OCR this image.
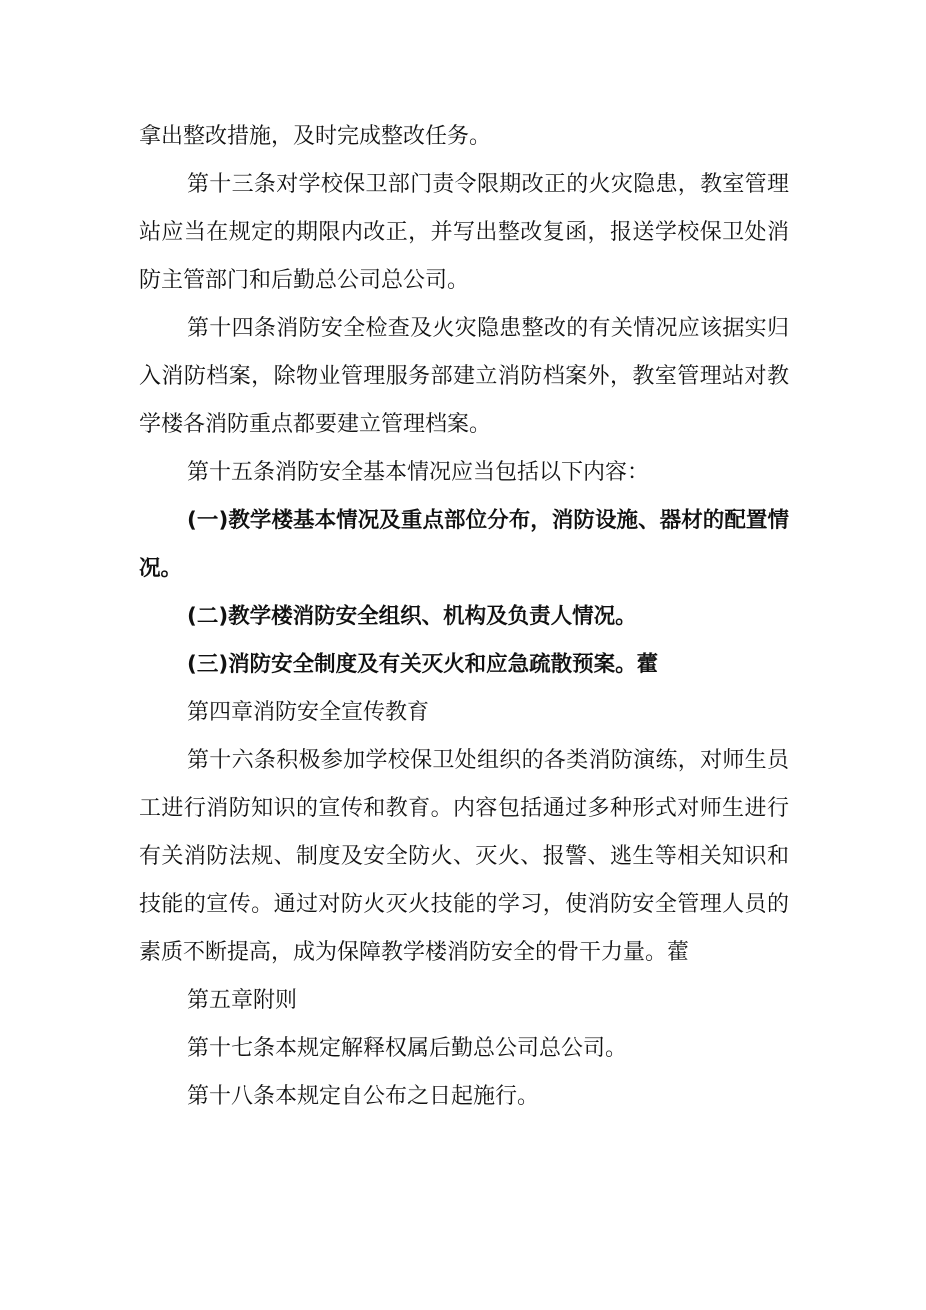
拿出整改措施，及时完成整改任务。

第十三条对学校保卫部门责令限期改正的火灾隐患，教室管理站应当在规定的期限内改正，并写出整改复函，报送学校保卫处消防主管部门和后勤总公司总公司。

第十四条消防安全检查及火灾隐患整改的有关情况应该据实归入消防档案，除物业管理服务部建立消防档案外，教室管理站对教学楼各消防重点都要建立管理档案。

第十五条消防安全基本情况应当包括以下内容：

(一)教学楼基本情况及重点部位分布，消防设施、器材的配置情况。

(二)教学楼消防安全组织、机构及负责人情况。

(三)消防安全制度及有关灭火和应急疏散预案。藿

第四章消防安全宣传教育

第十六条积极参加学校保卫处组织的各类消防演练，对师生员工进行消防知识的宣传和教育。内容包括通过多种形式对师生进行有关消防法规、制度及安全防火、灭火、报警、逃生等相关知识和技能的宣传。通过对防火灭火技能的学习，使消防安全管理人员的素质不断提高，成为保障教学楼消防安全的骨干力量。藿

第五章附则

第十七条本规定解释权属后勤总公司总公司。

第十八条本规定自公布之日起施行。
